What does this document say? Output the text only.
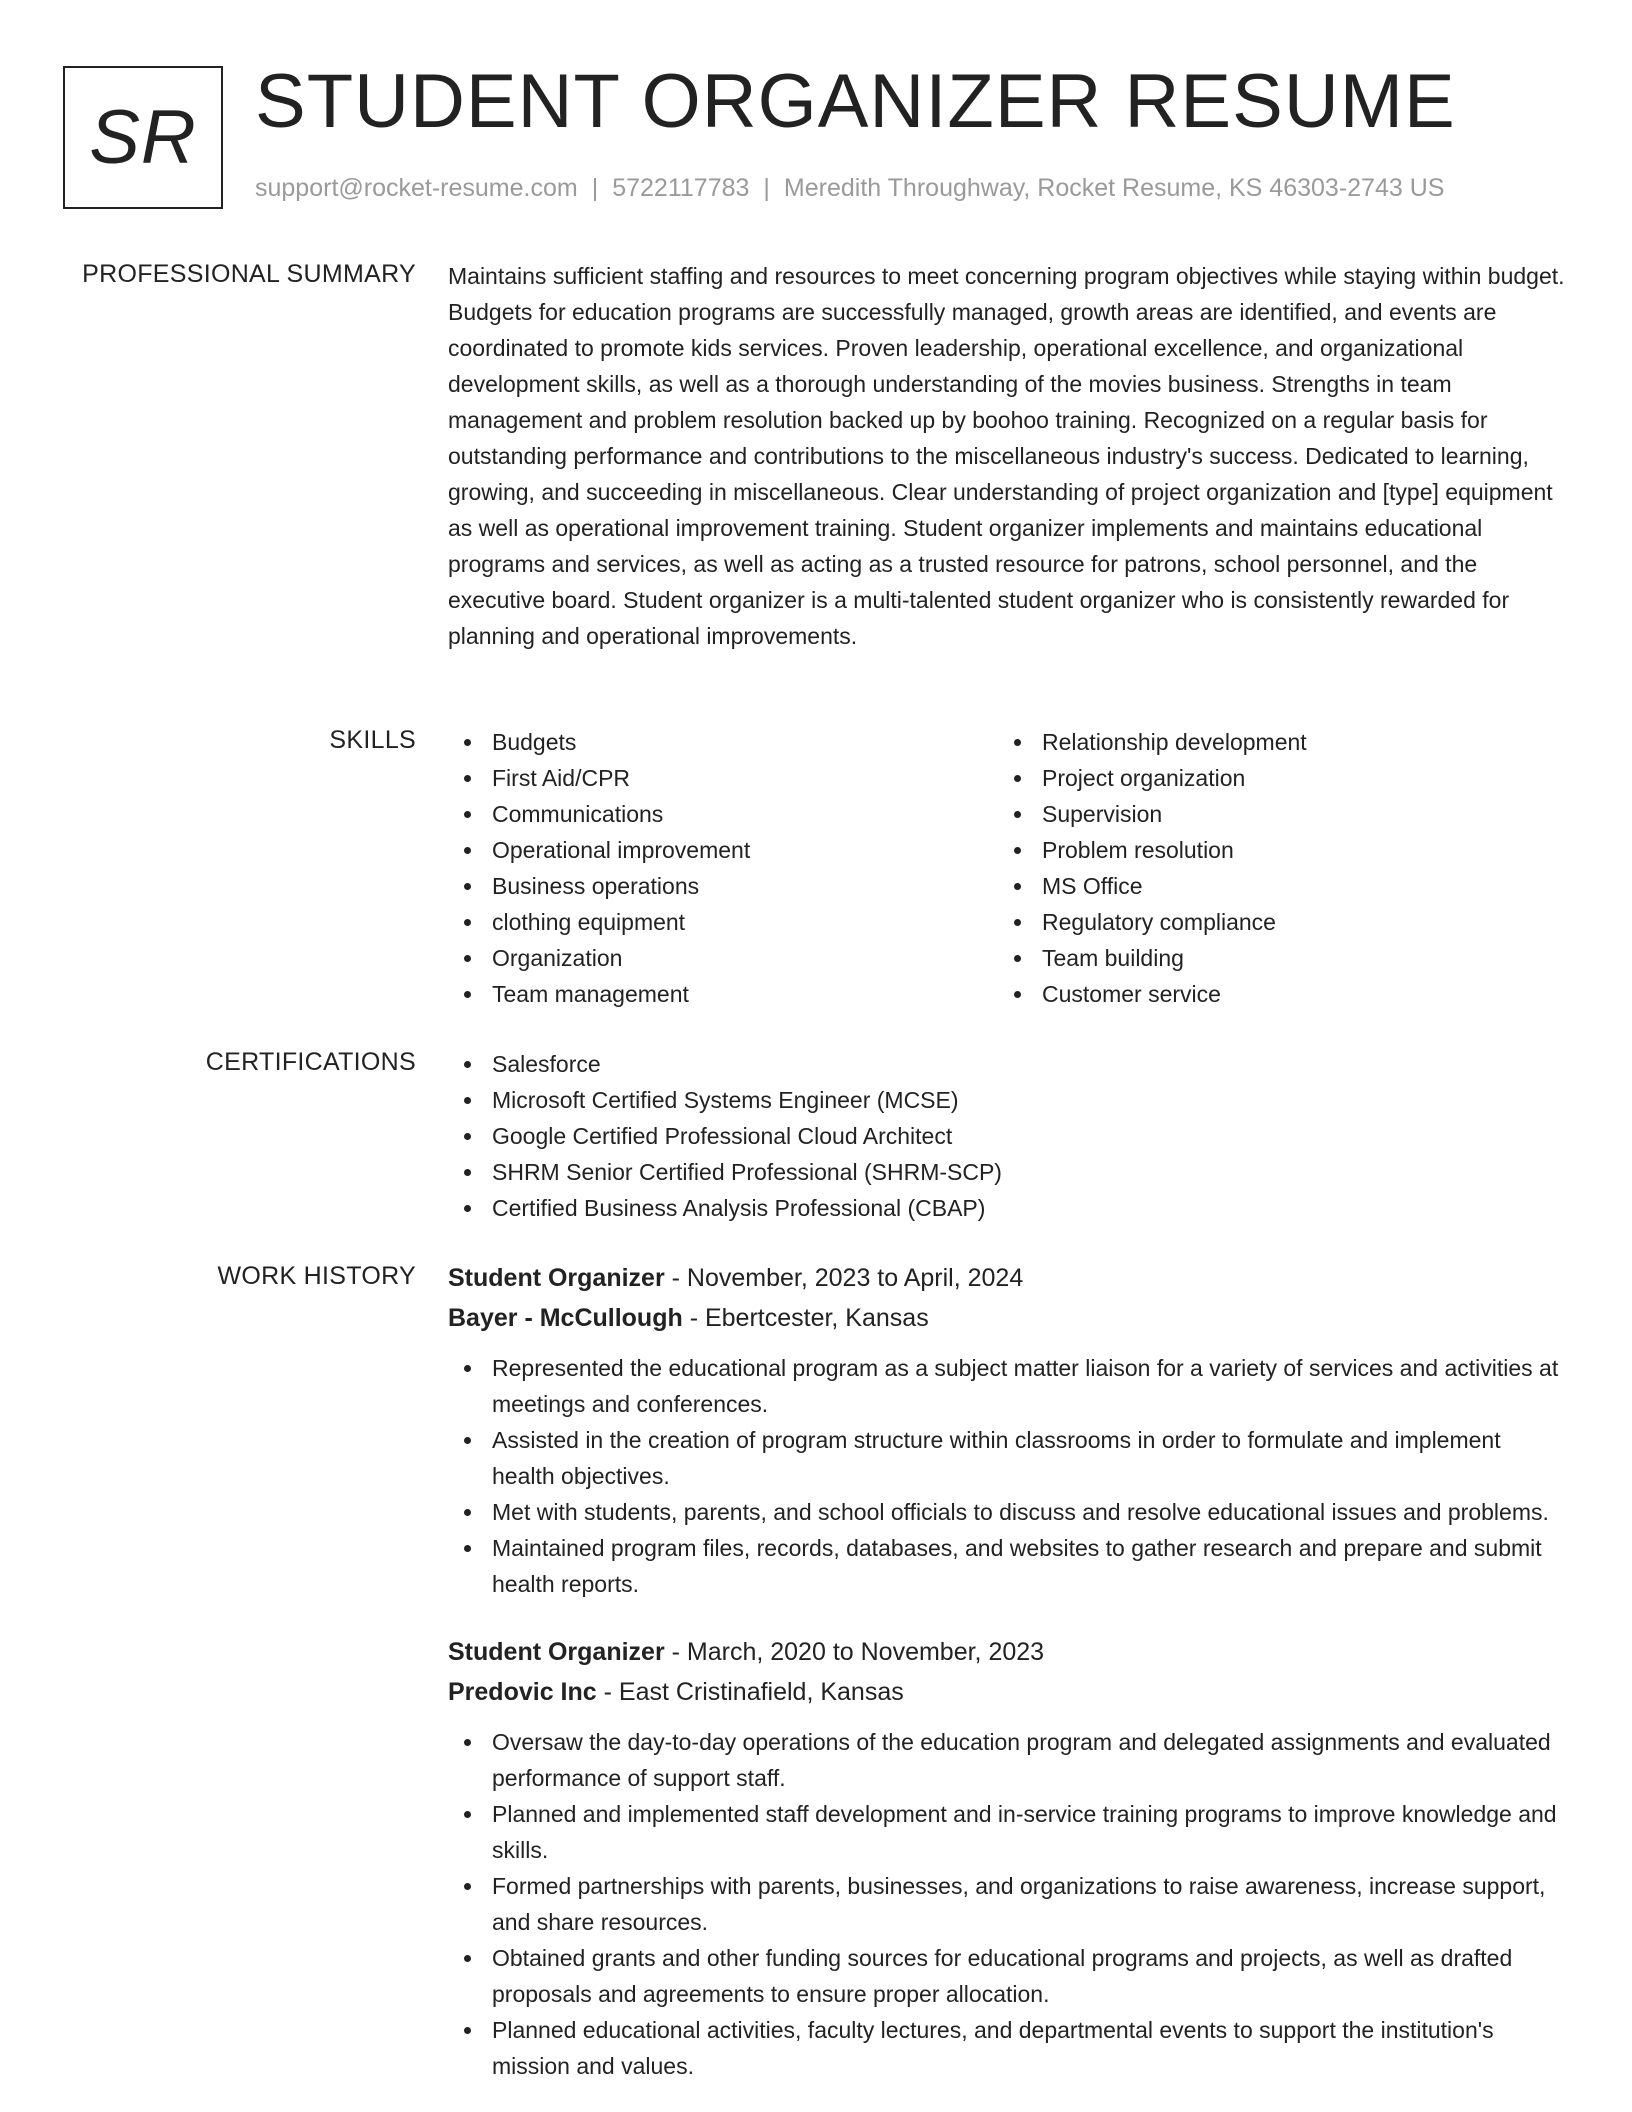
SR STUDENT ORGANIZER RESUME
support@rocket-resume.com | 5722117783 | Meredith Throughway, Rocket Resume, KS 46303-2743 US
PROFESSIONAL SUMMARY Maintains sufficient staffing and resources to meet concerning program objectives while staying within budget. Budgets for education programs are successfully managed, growth areas are identified, and events are coordinated to promote kids services. Proven leadership, operational excellence, and organizational development skills, as well as a thorough understanding of the movies business. Strengths in team management and problem resolution backed up by boohoo training. Recognized on a regular basis for outstanding performance and contributions to the miscellaneous industry's success. Dedicated to learning, growing, and succeeding in miscellaneous. Clear understanding of project organization and [type] equipment as well as operational improvement training. Student organizer implements and maintains educational programs and services, as well as acting as a trusted resource for patrons, school personnel, and the executive board. Student organizer is a multi-talented student organizer who is consistently rewarded for planning and operational improvements.

SKILLS	Budgets
First Aid/CPR
Communications
Operational improvement
Business operations
clothing equipment
Organization
Team management
Relationship development
Project organization
Supervision
Problem resolution
MS Office
Regulatory compliance
Team building
Customer service
CERTIFICATIONS	Salesforce
Microsoft Certified Systems Engineer (MCSE)
Google Certified Professional Cloud Architect
SHRM Senior Certified Professional (SHRM-SCP)
Certified Business Analysis Professional (CBAP)
WORK HISTORY Student Organizer - November, 2023 to April, 2024
Bayer - McCullough - Ebertcester, Kansas
Represented the educational program as a subject matter liaison for a variety of services and activities at meetings and conferences.
Assisted in the creation of program structure within classrooms in order to formulate and implement health objectives.
Met with students, parents, and school officials to discuss and resolve educational issues and problems.
Maintained program files, records, databases, and websites to gather research and prepare and submit health reports.
Student Organizer - March, 2020 to November, 2023
Predovic Inc - East Cristinafield, Kansas
Oversaw the day-to-day operations of the education program and delegated assignments and evaluated performance of support staff.
Planned and implemented staff development and in-service training programs to improve knowledge and skills.
Formed partnerships with parents, businesses, and organizations to raise awareness, increase support, and share resources.
Obtained grants and other funding sources for educational programs and projects, as well as drafted proposals and agreements to ensure proper allocation.
Planned educational activities, faculty lectures, and departmental events to support the institution's mission and values.
